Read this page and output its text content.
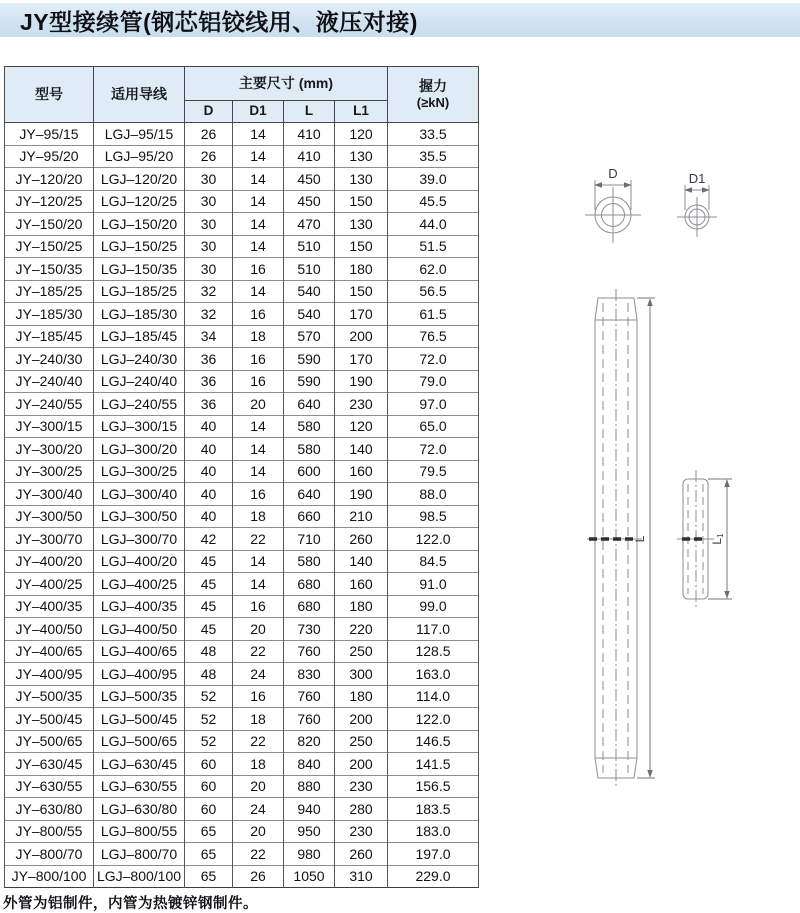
JY型接续管(钢芯铝铰线用、液压对接)
型号	适用导线	主要尺寸 (mm)				握力
(≥kN)

		D	D1	L	L1	
JY–95/15	LGJ–95/15	26	14	410	120	33.5
JY–95/20	LGJ–95/20	26	14	410	130	35.5
JY–120/20	LGJ–120/20	30	14	450	130	39.0
JY–120/25	LGJ–120/25	30	14	450	150	45.5
JY–150/20	LGJ–150/20	30	14	470	130	44.0
JY–150/25	LGJ–150/25	30	14	510	150	51.5
JY–150/35	LGJ–150/35	30	16	510	180	62.0
JY–185/25	LGJ–185/25	32	14	540	150	56.5
JY–185/30	LGJ–185/30	32	16	540	170	61.5
JY–185/45	LGJ–185/45	34	18	570	200	76.5
JY–240/30	LGJ–240/30	36	16	590	170	72.0
JY–240/40	LGJ–240/40	36	16	590	190	79.0
JY–240/55	LGJ–240/55	36	20	640	230	97.0
JY–300/15	LGJ–300/15	40	14	580	120	65.0
JY–300/20	LGJ–300/20	40	14	580	140	72.0
JY–300/25	LGJ–300/25	40	14	600	160	79.5
JY–300/40	LGJ–300/40	40	16	640	190	88.0
JY–300/50	LGJ–300/50	40	18	660	210	98.5
JY–300/70	LGJ–300/70	42	22	710	260	122.0
JY–400/20	LGJ–400/20	45	14	580	140	84.5
JY–400/25	LGJ–400/25	45	14	680	160	91.0
JY–400/35	LGJ–400/35	45	16	680	180	99.0
JY–400/50	LGJ–400/50	45	20	730	220	117.0
JY–400/65	LGJ–400/65	48	22	760	250	128.5
JY–400/95	LGJ–400/95	48	24	830	300	163.0
JY–500/35	LGJ–500/35	52	16	760	180	114.0
JY–500/45	LGJ–500/45	52	18	760	200	122.0
JY–500/65	LGJ–500/65	52	22	820	250	146.5
JY–630/45	LGJ–630/45	60	18	840	200	141.5
JY–630/55	LGJ–630/55	60	20	880	230	156.5
JY–630/80	LGJ–630/80	60	24	940	280	183.5
JY–800/55	LGJ–800/55	65	20	950	230	183.0
JY–800/70	LGJ–800/70	65	22	980	260	197.0
JY–800/100	LGJ–800/100	65	26	1050	310	229.0
D	D1
L	L1
外管为铝制件，内管为热镀锌钢制件。
